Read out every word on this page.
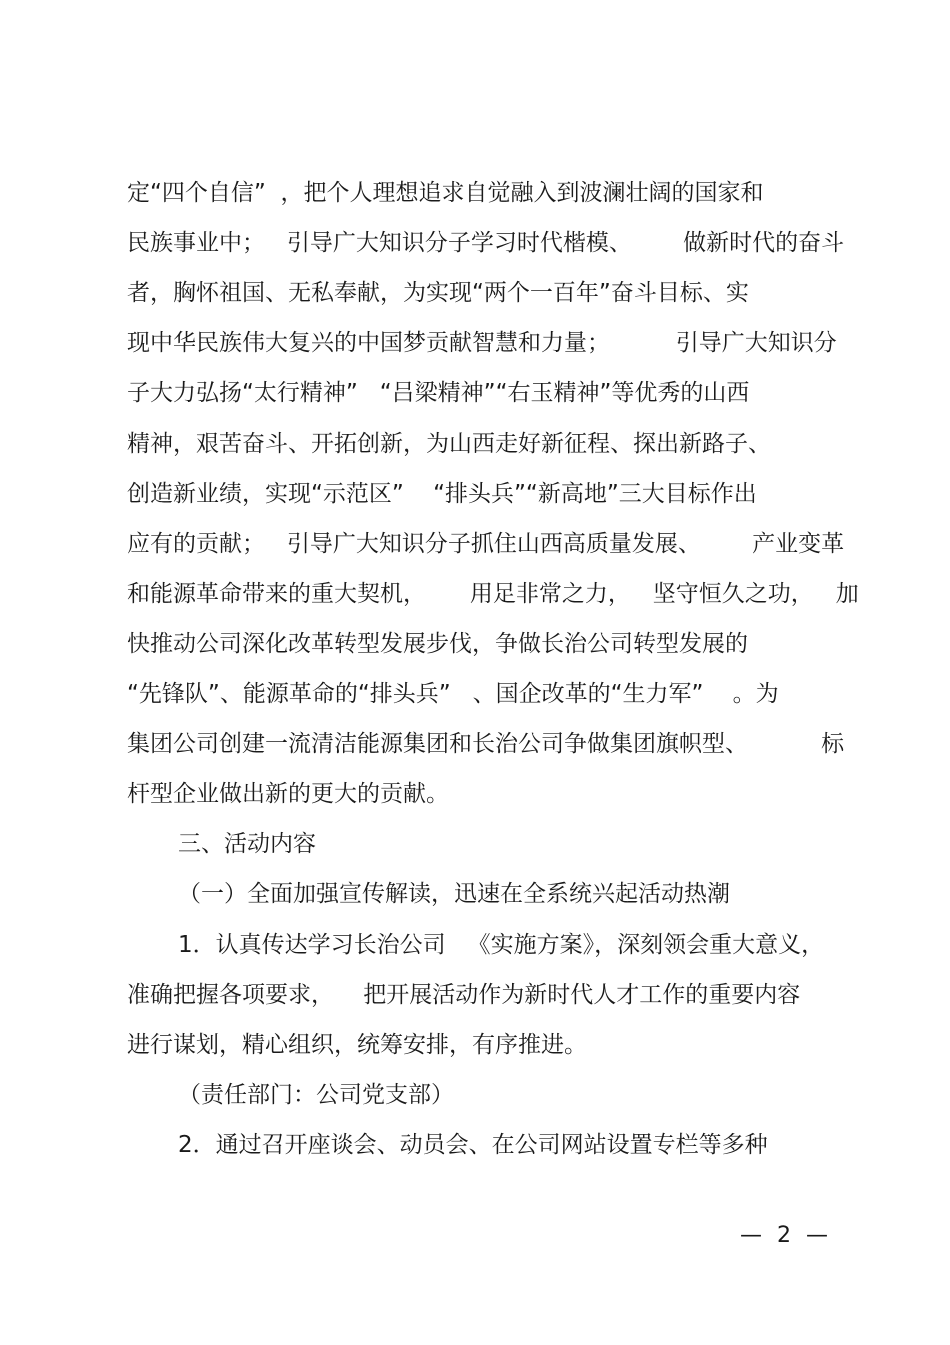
定“四个自信”  ，把个人理想追求自觉融入到波澜壮阔的国家和
民族事业中；   引导广大知识分子学习时代楷模、       做新时代的奋斗
者，胸怀祖国、无私奉献，为实现“两个一百年”奋斗目标、实
现中华民族伟大复兴的中国梦贡献智慧和力量；         引导广大知识分
子大力弘扬“太行精神”   “吕梁精神”“右玉精神”等优秀的山西
精神，艰苦奋斗、开拓创新，为山西走好新征程、探出新路子、
创造新业绩，实现“示范区”    “排头兵”“新高地”三大目标作出
应有的贡献；   引导广大知识分子抓住山西高质量发展、       产业变革
和能源革命带来的重大契机，      用足非常之力，   坚守恒久之功，   加
快推动公司深化改革转型发展步伐，争做长治公司转型发展的
“先锋队”、能源革命的“排头兵”   、国企改革的“生力军”    。为
集团公司创建一流清洁能源集团和长治公司争做集团旗帜型、          标
杆型企业做出新的更大的贡献。
三、活动内容
（一）全面加强宣传解读，迅速在全系统兴起活动热潮
1．认真传达学习长治公司   《实施方案》，深刻领会重大意义，
准确把握各项要求，    把开展活动作为新时代人才工作的重要内容
进行谋划，精心组织，统筹安排，有序推进。
（责任部门：公司党支部）
2．通过召开座谈会、动员会、在公司网站设置专栏等多种
— 2 —
